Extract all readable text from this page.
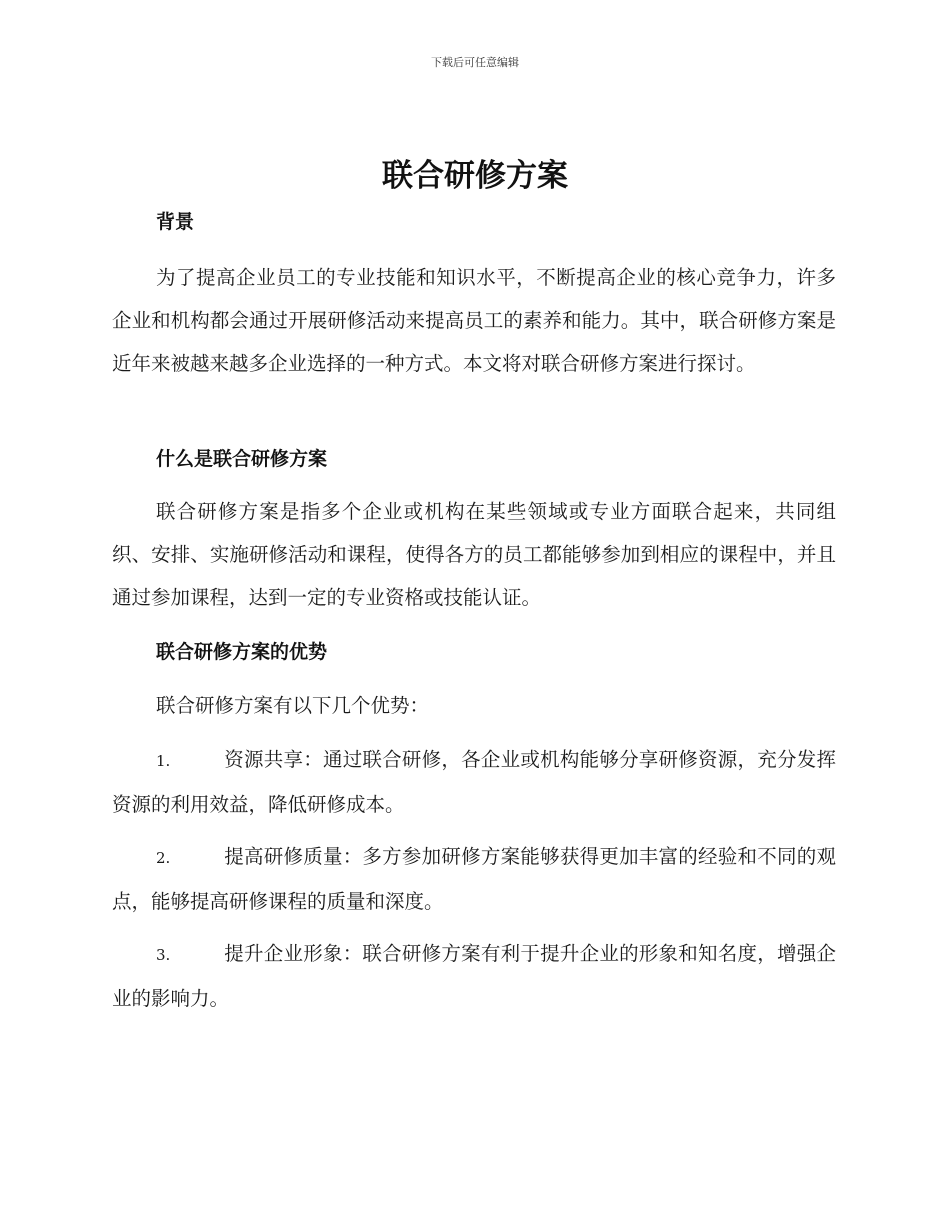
下载后可任意编辑
联合研修方案
背景

为了提高企业员工的专业技能和知识水平，不断提高企业的核心竞争力，许多企业和机构都会通过开展研修活动来提高员工的素养和能力。其中，联合研修方案是近年来被越来越多企业选择的一种方式。本文将对联合研修方案进行探讨。

什么是联合研修方案

联合研修方案是指多个企业或机构在某些领域或专业方面联合起来，共同组织、安排、实施研修活动和课程，使得各方的员工都能够参加到相应的课程中，并且通过参加课程，达到一定的专业资格或技能认证。

联合研修方案的优势

联合研修方案有以下几个优势：

1.	资源共享：通过联合研修，各企业或机构能够分享研修资源，充分发挥资源的利用效益，降低研修成本。

2.	提高研修质量：多方参加研修方案能够获得更加丰富的经验和不同的观点，能够提高研修课程的质量和深度。

3.	提升企业形象：联合研修方案有利于提升企业的形象和知名度，增强企业的影响力。
